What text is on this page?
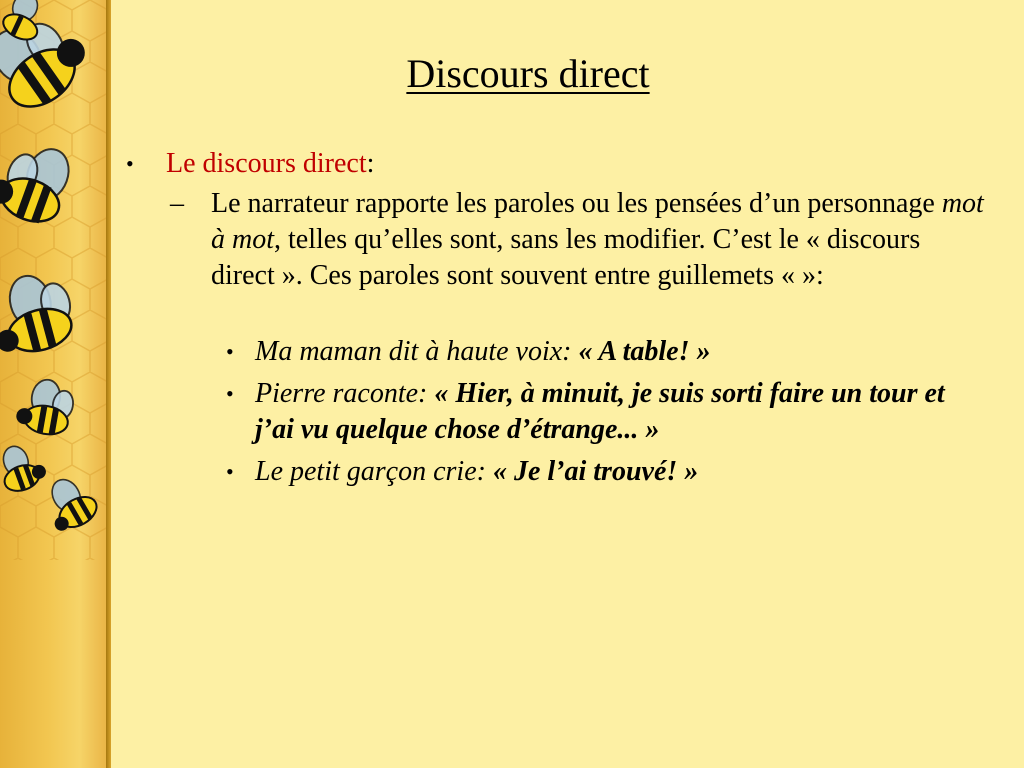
Discours direct
• Le discours direct:
– Le narrateur rapporte les paroles ou les pensées d’un personnage mot à mot, telles qu’elles sont, sans les modifier. C’est le « discours direct ». Ces paroles sont souvent entre guillemets « »:
• Ma maman dit à haute voix: « A table! »
• Pierre raconte: « Hier, à minuit, je suis sorti faire un tour et j’ai vu quelque chose d’étrange... »
• Le petit garçon crie: « Je l’ai trouvé! »
